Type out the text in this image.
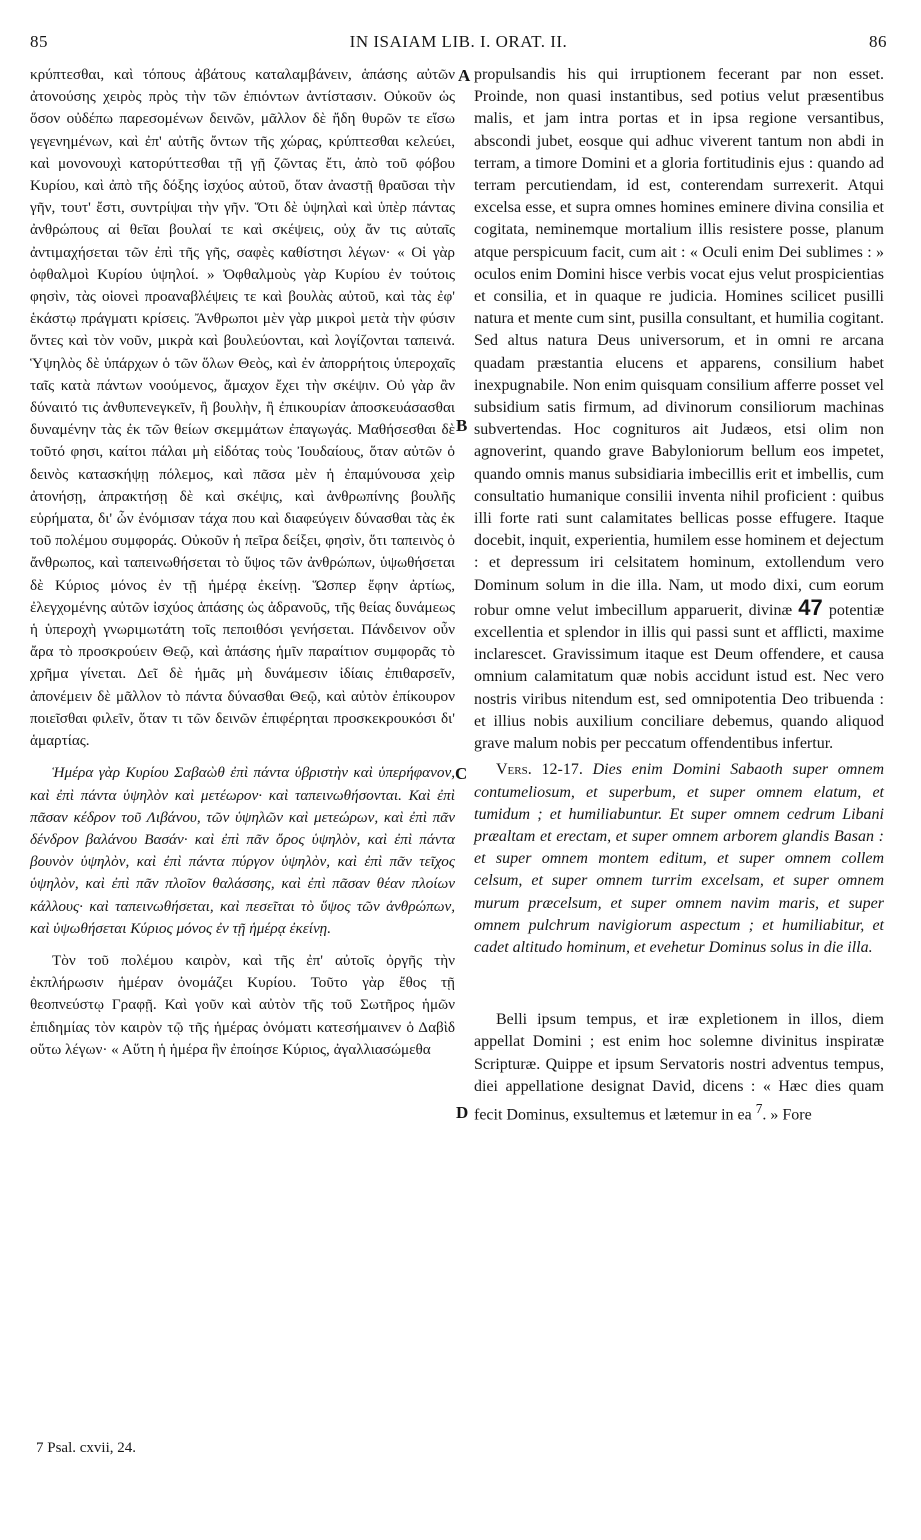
85	IN ISAIAM LIB. I. ORAT. II.	86

κρύπτεσθαι, καὶ τόπους ἀβάτους καταλαμβάνειν, ἁπάσης αὐτῶν ἀτονούσης χειρὸς πρὸς τὴν τῶν ἐπιόντων ἀντίστασιν. Οὐκοῦν ὡς ὅσον οὐδέπω παρεσομένων δεινῶν, μᾶλλον δὲ ἤδη θυρῶν τε εἴσω γεγενημένων, καὶ ἐπ' αὐτῆς ὄντων τῆς χώρας, κρύπτεσθαι κελεύει, καὶ μονονουχὶ κατορύττεσθαι τῇ γῇ ζῶντας ἔτι, ἀπὸ τοῦ φόβου Κυρίου, καὶ ἀπὸ τῆς δόξης ἰσχύος αὐτοῦ, ὅταν ἀναστῇ θραῦσαι τὴν γῆν, τουτ' ἔστι, συντρίψαι τὴν γῆν. Ὅτι δὲ ὑψηλαὶ καὶ ὑπὲρ πάντας ἀνθρώπους αἱ θεῖαι βουλαί τε καὶ σκέψεις, οὐχ ἄν τις αὐταῖς ἀντιμαχήσεται τῶν ἐπὶ τῆς γῆς, σαφὲς καθίστησι λέγων· « Οἱ γὰρ ὀφθαλμοὶ Κυρίου ὑψηλοί. » Ὀφθαλμοὺς γὰρ Κυρίου ἐν τούτοις φησὶν, τὰς οἱονεὶ προαναβλέψεις τε καὶ βουλὰς αὐτοῦ, καὶ τὰς ἐφ' ἑκάστῳ πράγματι κρίσεις. Ἄνθρωποι μὲν γὰρ μικροὶ μετὰ τὴν φύσιν ὄντες καὶ τὸν νοῦν, μικρὰ καὶ βουλεύονται, καὶ λογίζονται ταπεινά. Ὑψηλὸς δὲ ὑπάρχων ὁ τῶν ὅλων Θεὸς, καὶ ἐν ἀπορρήτοις ὑπεροχαῖς ταῖς κατὰ πάντων νοούμενος, ἄμαχον ἔχει τὴν σκέψιν. Οὐ γὰρ ἂν δύναιτό τις ἀνθυπενεγκεῖν, ἢ βουλὴν, ἢ ἐπικουρίαν ἀποσκευάσασθαι δυναμένην τὰς ἐκ τῶν θείων σκεμμάτων ἐπαγωγάς. Μαθήσεσθαι δὲ τοῦτό φησι, καίτοι πάλαι μὴ εἰδότας τοὺς Ἰουδαίους, ὅταν αὐτῶν ὁ δεινὸς κατασκήψῃ πόλεμος, καὶ πᾶσα μὲν ἡ ἐπαμύνουσα χεὶρ ἀτονήσῃ, ἀπρακτήσῃ δὲ καὶ σκέψις, καὶ ἀνθρωπίνης βουλῆς εὑρήματα, δι' ὧν ἐνόμισαν τάχα που καὶ διαφεύγειν δύνασθαι τὰς ἐκ τοῦ πολέμου συμφοράς. Οὐκοῦν ἡ πεῖρα δείξει, φησὶν, ὅτι ταπεινὸς ὁ ἄνθρωπος, καὶ ταπεινωθήσεται τὸ ὕψος τῶν ἀνθρώπων, ὑψωθήσεται δὲ Κύριος μόνος ἐν τῇ ἡμέρᾳ ἐκείνῃ. Ὥσπερ ἔφην ἀρτίως, ἐλεγχομένης αὐτῶν ἰσχύος ἁπάσης ὡς ἀδρανοῦς, τῆς θείας δυνάμεως ἡ ὑπεροχὴ γνωριμωτάτη τοῖς πεποιθόσι γενήσεται. Πάνδεινον οὖν ἄρα τὸ προσκρούειν Θεῷ, καὶ ἁπάσης ἡμῖν παραίτιον συμφορᾶς τὸ χρῆμα γίνεται. Δεῖ δὲ ἡμᾶς μὴ δυνάμεσιν ἰδίαις ἐπιθαρσεῖν, ἀπονέμειν δὲ μᾶλλον τὸ πάντα δύνασθαι Θεῷ, καὶ αὐτὸν ἐπίκουρον ποιεῖσθαι φιλεῖν, ὅταν τι τῶν δεινῶν ἐπιφέρηται προσκεκρουκόσι δι' ἁμαρτίας.

Ἡμέρα γὰρ Κυρίου Σαβαὼθ ἐπὶ πάντα ὑβριστὴν καὶ ὑπερήφανον, καὶ ἐπὶ πάντα ὑψηλὸν καὶ μετέωρον· καὶ ταπεινωθήσονται. Καὶ ἐπὶ πᾶσαν κέδρον τοῦ Λιβάνου, τῶν ὑψηλῶν καὶ μετεώρων, καὶ ἐπὶ πᾶν δένδρον βαλάνου Βασάν· καὶ ἐπὶ πᾶν ὄρος ὑψηλὸν, καὶ ἐπὶ πάντα βουνὸν ὑψηλὸν, καὶ ἐπὶ πάντα πύργον ὑψηλὸν, καὶ ἐπὶ πᾶν τεῖχος ὑψηλὸν, καὶ ἐπὶ πᾶν πλοῖον θαλάσσης, καὶ ἐπὶ πᾶσαν θέαν πλοίων κάλλους· καὶ ταπεινωθήσεται, καὶ πεσεῖται τὸ ὕψος τῶν ἀνθρώπων, καὶ ὑψωθήσεται Κύριος μόνος ἐν τῇ ἡμέρᾳ ἐκείνῃ.

Τὸν τοῦ πολέμου καιρὸν, καὶ τῆς ἐπ' αὐτοῖς ὀργῆς τὴν ἐκπλήρωσιν ἡμέραν ὀνομάζει Κυρίου. Τοῦτο γὰρ ἔθος τῇ θεοπνεύστῳ Γραφῇ. Καὶ γοῦν καὶ αὐτὸν τῆς τοῦ Σωτῆρος ἡμῶν ἐπιδημίας τὸν καιρὸν τῷ τῆς ἡμέρας ὀνόματι κατεσήμαινεν ὁ Δαβὶδ οὕτω λέγων· « Αὕτη ἡ ἡμέρα ἣν ἐποίησε Κύριος, ἀγαλλιασώμεθα

propulsandis his qui irruptionem fecerant par non esset. Proinde, non quasi instantibus, sed potius velut præsentibus malis, et jam intra portas et in ipsa regione versantibus, abscondi jubet, eosque qui adhuc viverent tantum non abdi in terram, a timore Domini et a gloria fortitudinis ejus : quando ad terram percutiendam, id est, conterendam surrexerit. Atqui excelsa esse, et supra omnes homines eminere divina consilia et cogitata, neminemque mortalium illis resistere posse, planum atque perspicuum facit, cum ait : « Oculi enim Dei sublimes : » oculos enim Domini hisce verbis vocat ejus velut prospicientias et consilia, et in quaque re judicia. Homines scilicet pusilli natura et mente cum sint, pusilla consultant, et humilia cogitant. Sed altus natura Deus universorum, et in omni re arcana quadam præstantia elucens et apparens, consilium habet inexpugnabile. Non enim quisquam consilium afferre posset vel subsidium satis firmum, ad divinorum consiliorum machinas subvertendas. Hoc cognituros ait Judæos, etsi olim non agnoverint, quando grave Babyloniorum bellum eos impetet, quando omnis manus subsidiaria imbecillis erit et imbellis, cum consultatio humanique consilii inventa nihil proficient : quibus illi forte rati sunt calamitates bellicas posse effugere. Itaque docebit, inquit, experientia, humilem esse hominem et dejectum : et depressum iri celsitatem hominum, extollendum vero Dominum solum in die illa. Nam, ut modo dixi, cum eorum robur omne velut imbecillum apparuerit, divinæ 47 potentiæ excellentia et splendor in illis qui passi sunt et afflicti, maxime inclarescet. Gravissimum itaque est Deum offendere, et causa omnium calamitatum quæ nobis accidunt istud est. Nec vero nostris viribus nitendum est, sed omnipotentia Deo tribuenda : et illius nobis auxilium conciliare debemus, quando aliquod grave malum nobis per peccatum offendentibus infertur.

Vers. 12-17. Dies enim Domini Sabaoth super omnem contumeliosum, et superbum, et super omnem elatum, et tumidum ; et humiliabuntur. Et super omnem cedrum Libani præaltam et erectam, et super omnem arborem glandis Basan : et super omnem montem editum, et super omnem collem celsum, et super omnem turrim excelsam, et super omnem murum præcelsum, et super omnem navim maris, et super omnem pulchrum navigiorum aspectum ; et humiliabitur, et cadet altitudo hominum, et evehetur Dominus solus in die illa.

Belli ipsum tempus, et iræ expletionem in illos, diem appellat Domini ; est enim hoc solemne divinitus inspiratæ Scripturæ. Quippe et ipsum Servatoris nostri adventus tempus, diei appellatione designat David, dicens : « Hæc dies quam fecit Dominus, exsultemus et lætemur in ea $^7$. » Fore

A
B
C
D
7 Psal. cxvii, 24.
